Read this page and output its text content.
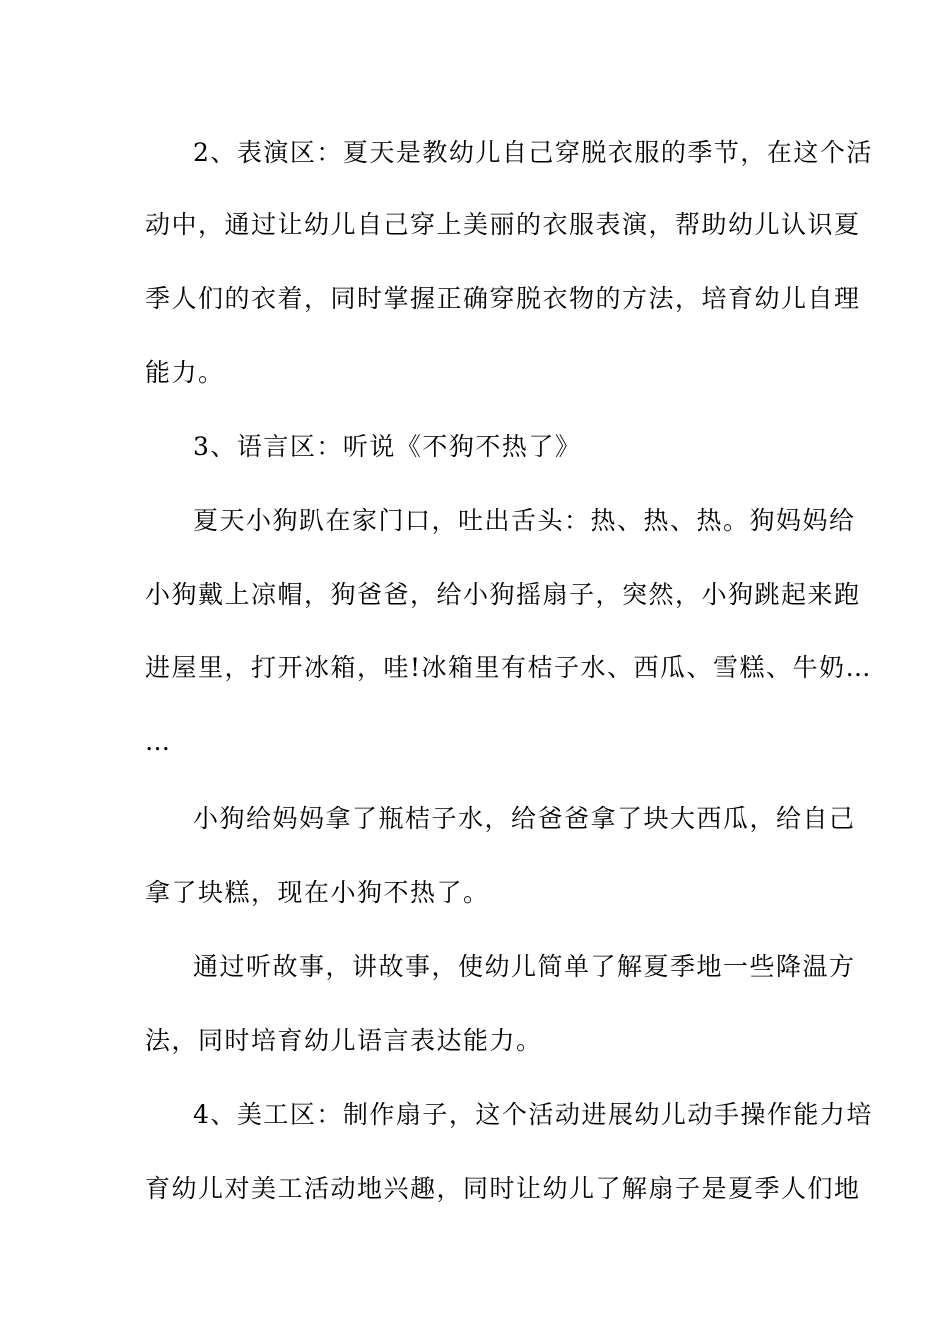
2、表演区：夏天是教幼儿自己穿脱衣服的季节，在这个活
动中，通过让幼儿自己穿上美丽的衣服表演，帮助幼儿认识夏
季人们的衣着，同时掌握正确穿脱衣物的方法，培育幼儿自理
能力。
3、语言区：听说《不狗不热了》
夏天小狗趴在家门口，吐出舌头：热、热、热。狗妈妈给
小狗戴上凉帽，狗爸爸，给小狗摇扇子，突然，小狗跳起来跑
进屋里，打开冰箱，哇!冰箱里有桔子水、西瓜、雪糕、牛奶…
…
小狗给妈妈拿了瓶桔子水，给爸爸拿了块大西瓜，给自己
拿了块糕，现在小狗不热了。
通过听故事，讲故事，使幼儿简单了解夏季地一些降温方
法，同时培育幼儿语言表达能力。
4、美工区：制作扇子，这个活动进展幼儿动手操作能力培
育幼儿对美工活动地兴趣，同时让幼儿了解扇子是夏季人们地
